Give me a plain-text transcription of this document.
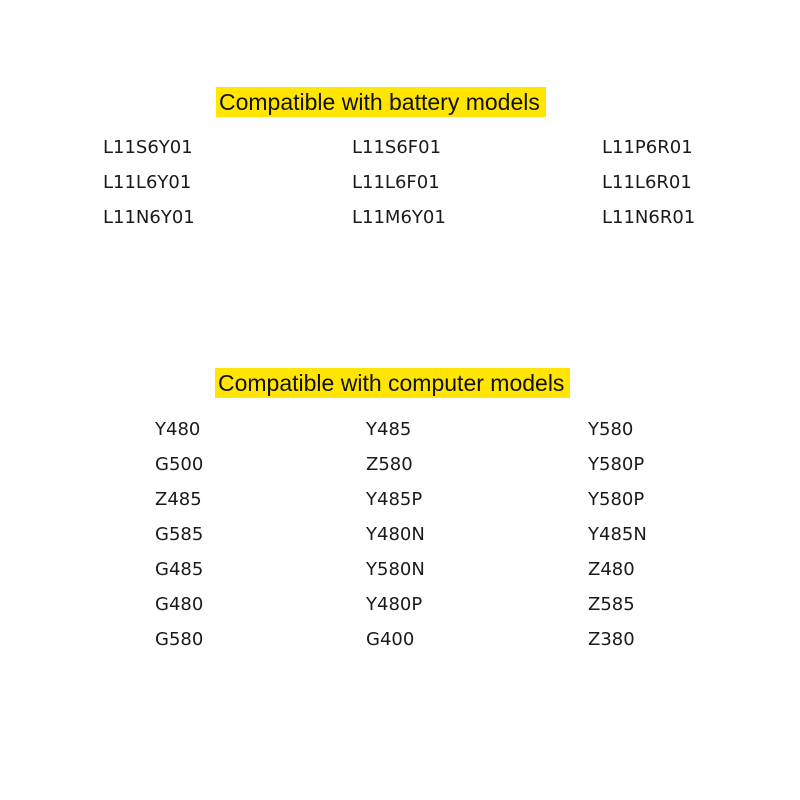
Compatible with battery models
L11S6Y01
L11L6Y01
L11N6Y01
L11S6F01
L11L6F01
L11M6Y01
L11P6R01
L11L6R01
L11N6R01
Compatible with computer models
Y480
G500
Z485
G585
G485
G480
G580
Y485
Z580
Y485P
Y480N
Y580N
Y480P
G400
Y580
Y580P
Y580P
Y485N
Z480
Z585
Z380
